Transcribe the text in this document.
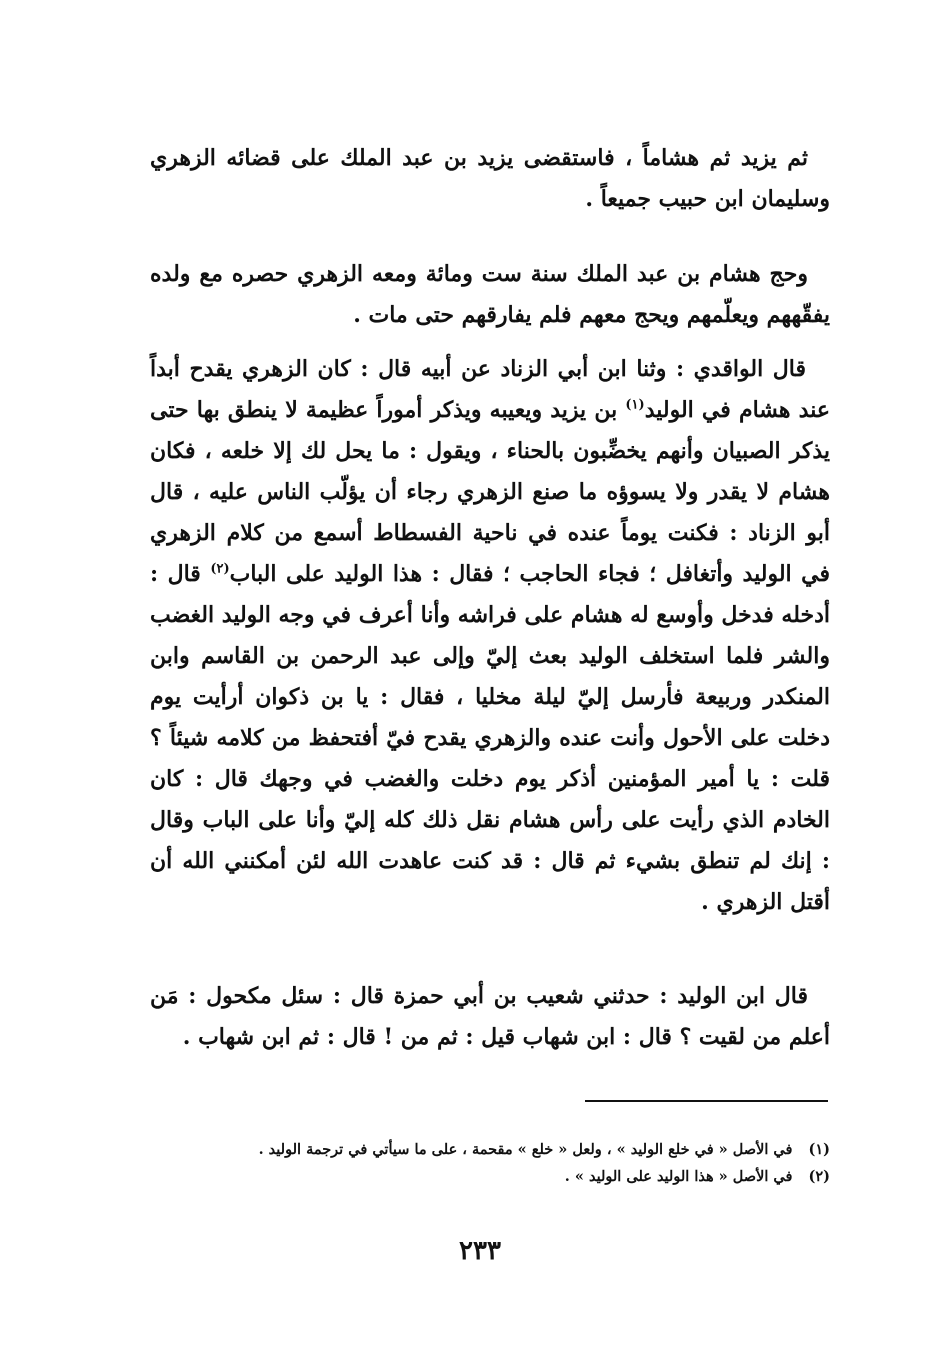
ثم يزيد ثم هشاماً ، فاستقضى يزيد بن عبد الملك على قضائه الزهري وسليمان ابن حبيب جميعاً .

وحج هشام بن عبد الملك سنة ست ومائة ومعه الزهري حصره مع ولده يفقّههم ويعلّمهم ويحج معهم فلم يفارقهم حتى مات .

قال الواقدي : وثنا ابن أبي الزناد عن أبيه قال : كان الزهري يقدح أبداً عند هشام في الوليد$^{(١)}$ بن يزيد ويعيبه ويذكر أموراً عظيمة لا ينطق بها حتى يذكر الصبيان وأنهم يخضِّبون بالحناء ، ويقول : ما يحل لك إلا خلعه ، فكان هشام لا يقدر ولا يسوؤه ما صنع الزهري رجاء أن يؤلّب الناس عليه ، قال أبو الزناد : فكنت يوماً عنده في ناحية الفسطاط أسمع من كلام الزهري في الوليد وأتغافل ؛ فجاء الحاجب ؛ فقال : هذا الوليد على الباب$^{(٢)}$ قال : أدخله فدخل وأوسع له هشام على فراشه وأنا أعرف في وجه الوليد الغضب والشر فلما استخلف الوليد بعث إليّ وإلى عبد الرحمن بن القاسم وابن المنكدر وربيعة فأرسل إليّ ليلة مخليا ، فقال : يا بن ذكوان أرأيت يوم دخلت على الأحول وأنت عنده والزهري يقدح فيّ أفتحفظ من كلامه شيئاً ؟ قلت : يا أمير المؤمنين أذكر يوم دخلت والغضب في وجهك قال : كان الخادم الذي رأيت على رأس هشام نقل ذلك كله إليّ وأنا على الباب وقال : إنك لم تنطق بشيء ثم قال : قد كنت عاهدت الله لئن أمكنني الله أن أقتل الزهري .

قال ابن الوليد : حدثني شعيب بن أبي حمزة قال : سئل مكحول : مَن أعلم من لقيت ؟ قال : ابن شهاب قيل : ثم من ! قال : ثم ابن شهاب .

(١)في الأصل « في خلع الوليد » ، ولعل « خلع » مقحمة ، على ما سيأتي في ترجمة الوليد .

(٢)في الأصل « هذا الوليد على الوليد » .

٢٣٣
